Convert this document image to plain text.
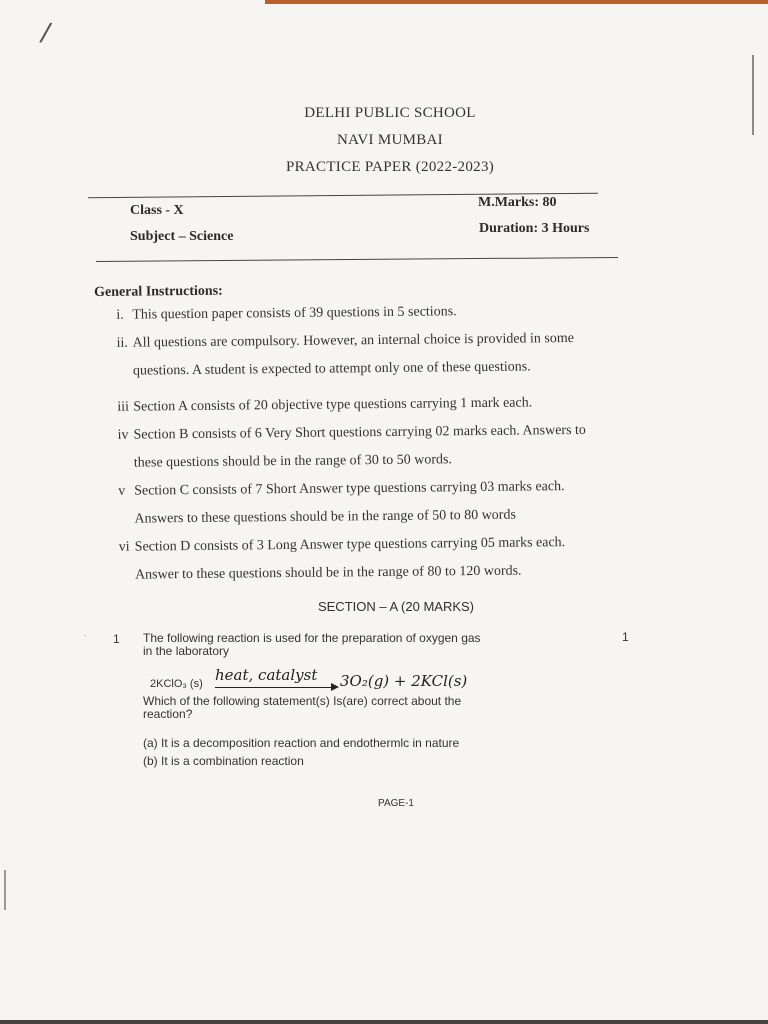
/
DELHI PUBLIC SCHOOL
NAVI MUMBAI
PRACTICE PAPER (2022-2023)
Class - X
Subject – Science
M.Marks: 80
Duration: 3 Hours
General Instructions:
i. This question paper consists of 39 questions in 5 sections.
ii. All questions are compulsory. However, an internal choice is provided in some
questions. A student is expected to attempt only one of these questions.
iii Section A consists of 20 objective type questions carrying 1 mark each.
iv Section B consists of 6 Very Short questions carrying 02 marks each. Answers to
these questions should be in the range of 30 to 50 words.
v Section C consists of 7 Short Answer type questions carrying 03 marks each.
Answers to these questions should be in the range of 50 to 80 words
vi Section D consists of 3 Long Answer type questions carrying 05 marks each.
Answer to these questions should be in the range of 80 to 120 words.
SECTION – A (20 MARKS)
` 1	1
The following reaction is used for the preparation of oxygen gas
in the laboratory
2KClO₃ (s) heat, catalyst 3O₂(g) + 2KCl(s)
Which of the following statement(s) Is(are) correct about the
reaction?
(a) It is a decomposition reaction and endothermlc in nature
(b) It is a combination reaction
PAGE-1
